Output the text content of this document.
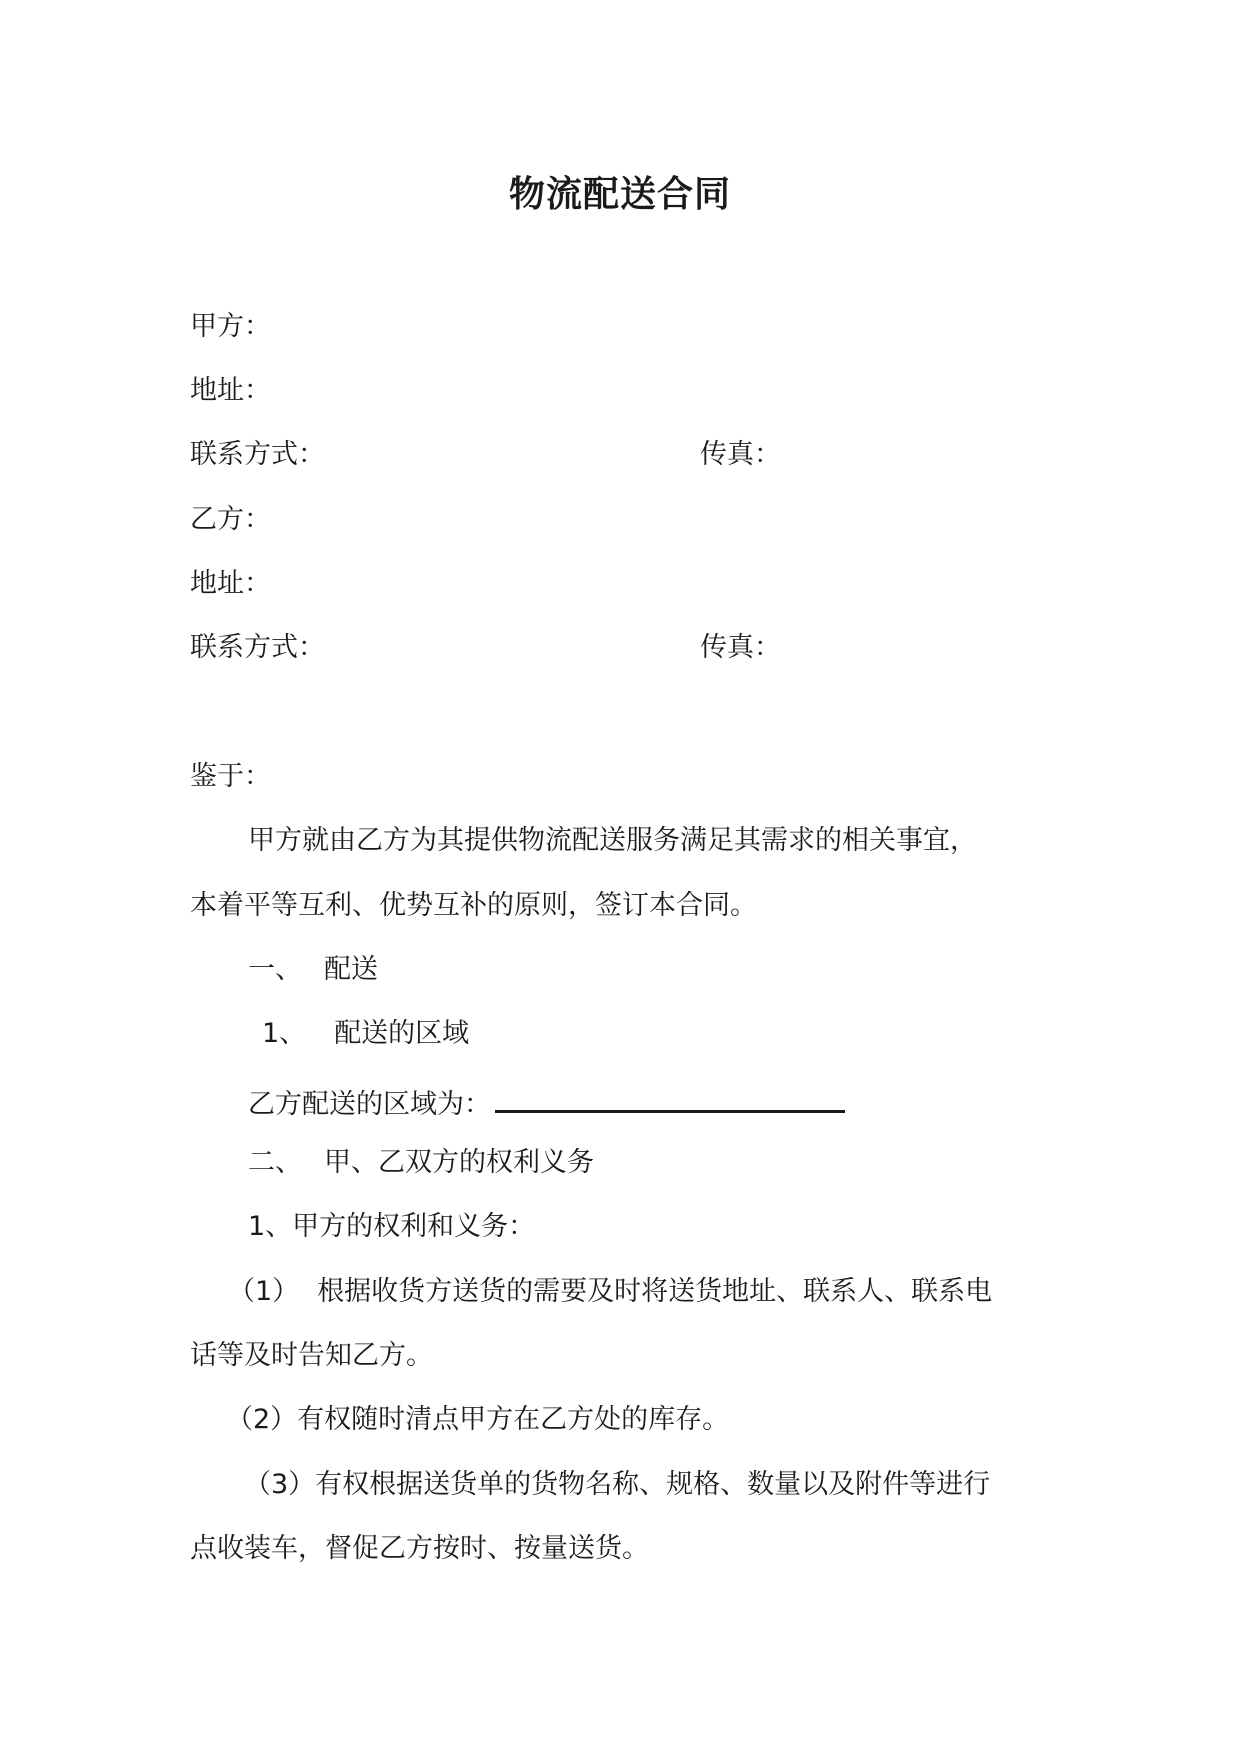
物流配送合同
甲方：
地址：
联系方式：	传真：
乙方：
地址：
联系方式：	传真：
鉴于：
甲方就由乙方为其提供物流配送服务满足其需求的相关事宜，
本着平等互利、优势互补的原则，签订本合同。
一、 配送
1、 配送的区域
乙方配送的区域为：
二、 甲、乙双方的权利义务
1、甲方的权利和义务：
（1） 根据收货方送货的需要及时将送货地址、联系人、联系电
话等及时告知乙方。
（2）有权随时清点甲方在乙方处的库存。
（3）有权根据送货单的货物名称、规格、数量以及附件等进行
点收装车，督促乙方按时、按量送货。
